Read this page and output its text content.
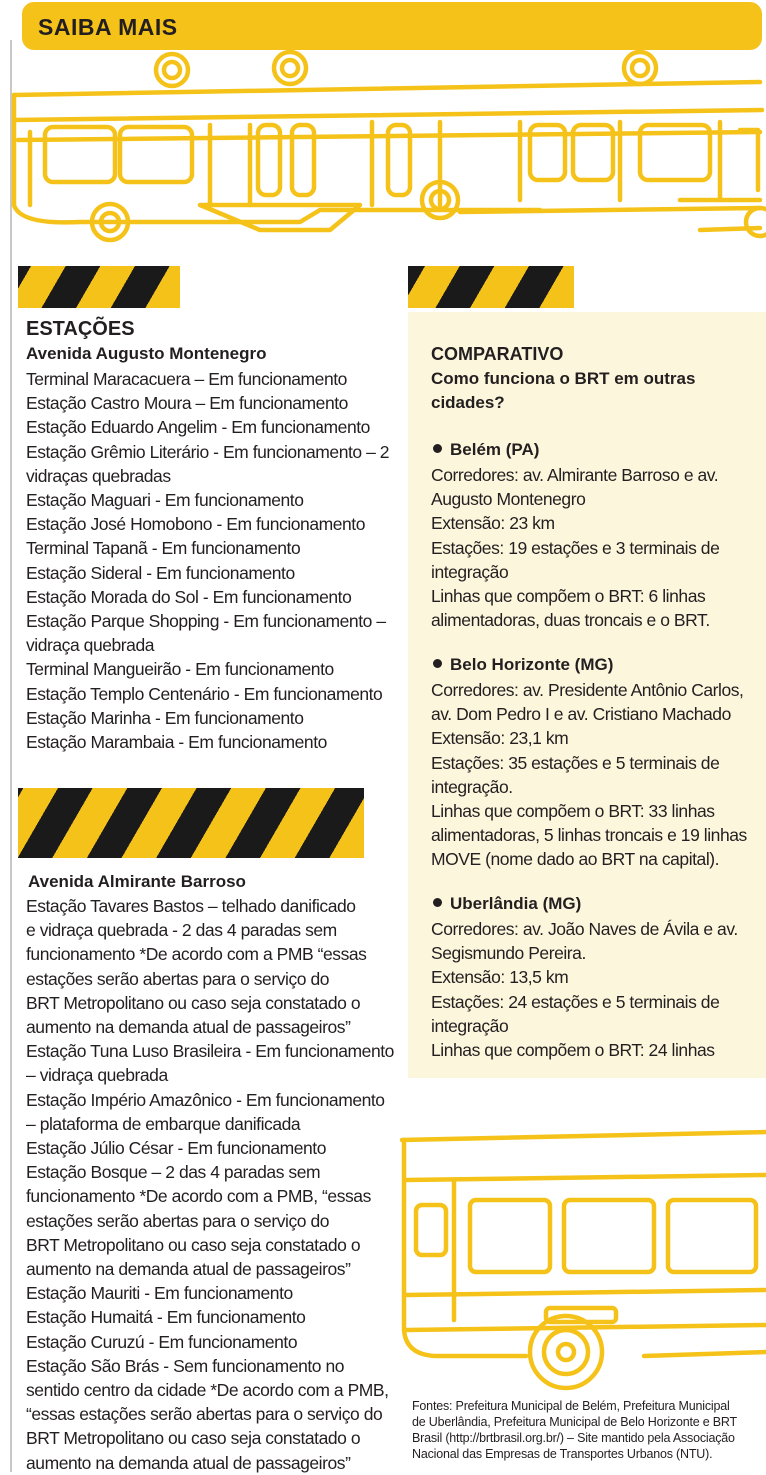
SAIBA MAIS
ESTAÇÕES
Avenida Augusto Montenegro
Terminal Maracacuera – Em funcionamento
Estação Castro Moura – Em funcionamento
Estação Eduardo Angelim - Em funcionamento
Estação Grêmio Literário - Em funcionamento – 2
vidraças quebradas
Estação Maguari - Em funcionamento
Estação José Homobono - Em funcionamento
Terminal Tapanã - Em funcionamento
Estação Sideral - Em funcionamento
Estação Morada do Sol - Em funcionamento
Estação Parque Shopping - Em funcionamento –
vidraça quebrada
Terminal Mangueirão - Em funcionamento
Estação Templo Centenário - Em funcionamento
Estação Marinha - Em funcionamento
Estação Marambaia - Em funcionamento
Avenida Almirante Barroso
Estação Tavares Bastos – telhado danificado
e vidraça quebrada - 2 das 4 paradas sem
funcionamento *De acordo com a PMB “essas
estações serão abertas para o serviço do
BRT Metropolitano ou caso seja constatado o
aumento na demanda atual de passageiros”
Estação Tuna Luso Brasileira - Em funcionamento
– vidraça quebrada
Estação Império Amazônico - Em funcionamento
– plataforma de embarque danificada
Estação Júlio César - Em funcionamento
Estação Bosque – 2 das 4 paradas sem
funcionamento *De acordo com a PMB, “essas
estações serão abertas para o serviço do
BRT Metropolitano ou caso seja constatado o
aumento na demanda atual de passageiros”
Estação Mauriti - Em funcionamento
Estação Humaitá - Em funcionamento
Estação Curuzú - Em funcionamento
Estação São Brás - Sem funcionamento no
sentido centro da cidade *De acordo com a PMB,
“essas estações serão abertas para o serviço do
BRT Metropolitano ou caso seja constatado o
aumento na demanda atual de passageiros”
COMPARATIVO
Como funciona o BRT em outras
cidades?
Belém (PA)
Corredores: av. Almirante Barroso e av.
Augusto Montenegro
Extensão: 23 km
Estações: 19 estações e 3 terminais de
integração
Linhas que compõem o BRT: 6 linhas
alimentadoras, duas troncais e o BRT.
Belo Horizonte (MG)
Corredores: av. Presidente Antônio Carlos,
av. Dom Pedro I e av. Cristiano Machado
Extensão: 23,1 km
Estações: 35 estações e 5 terminais de
integração.
Linhas que compõem o BRT: 33 linhas
alimentadoras, 5 linhas troncais e 19 linhas
MOVE (nome dado ao BRT na capital).
Uberlândia (MG)
Corredores: av. João Naves de Ávila e av.
Segismundo Pereira.
Extensão: 13,5 km
Estações: 24 estações e 5 terminais de
integração
Linhas que compõem o BRT: 24 linhas
Fontes: Prefeitura Municipal de Belém, Prefeitura Municipal
de Uberlândia, Prefeitura Municipal de Belo Horizonte e BRT
Brasil (http://brtbrasil.org.br/) – Site mantido pela Associação
Nacional das Empresas de Transportes Urbanos (NTU).
